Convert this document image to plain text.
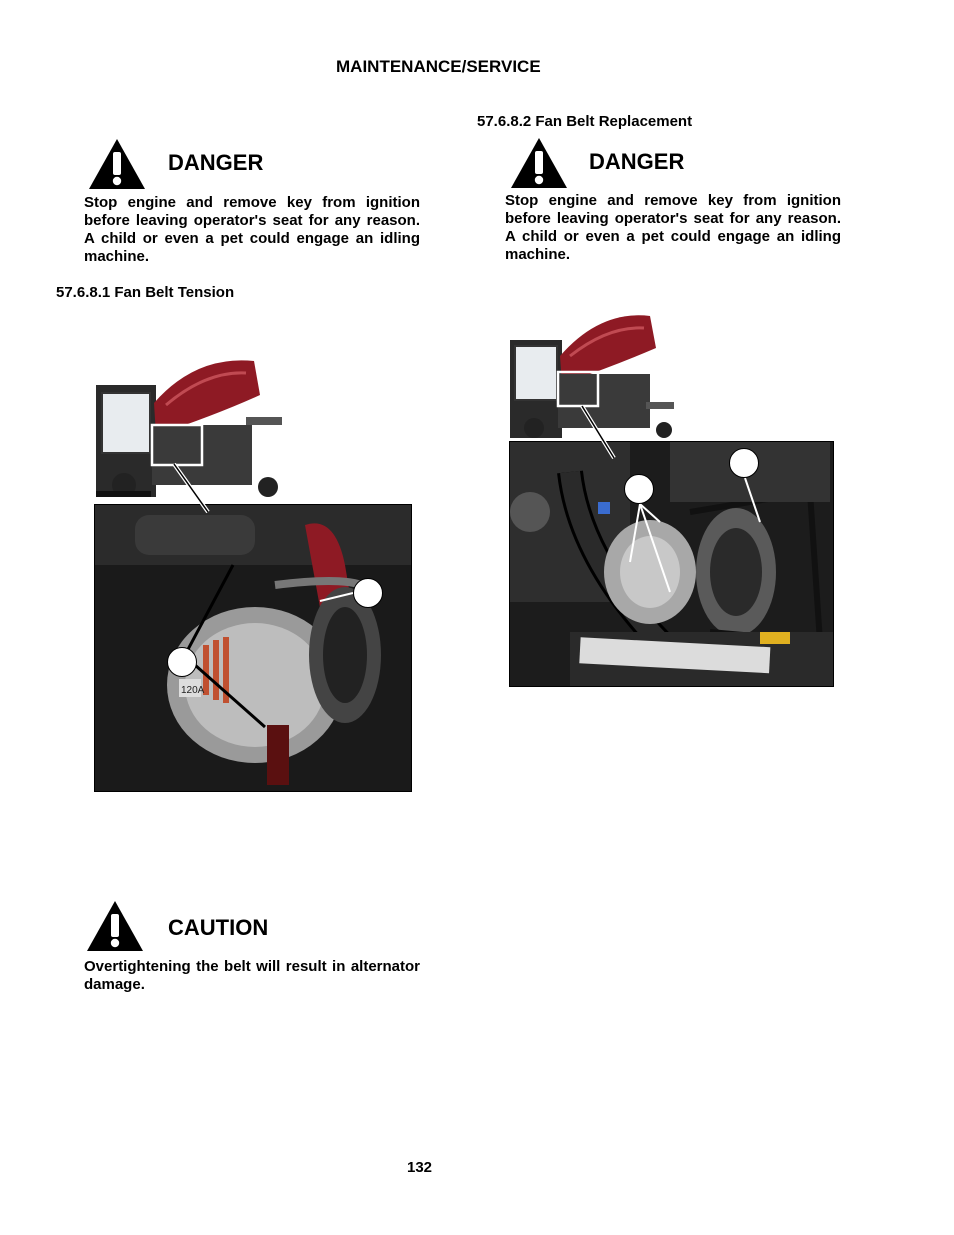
MAINTENANCE/SERVICE
DANGER
Stop engine and remove key from ignition before leaving operator's seat for any reason. A child or even a pet could engage an idling machine.
57.6.8.2 Fan Belt Replacement
DANGER
Stop engine and remove key from ignition before leaving operator's seat for any reason. A child or even a pet could engage an idling machine.
57.6.8.1 Fan Belt Tension
120A
CAUTION
Overtightening the belt will result in alternator damage.
132
